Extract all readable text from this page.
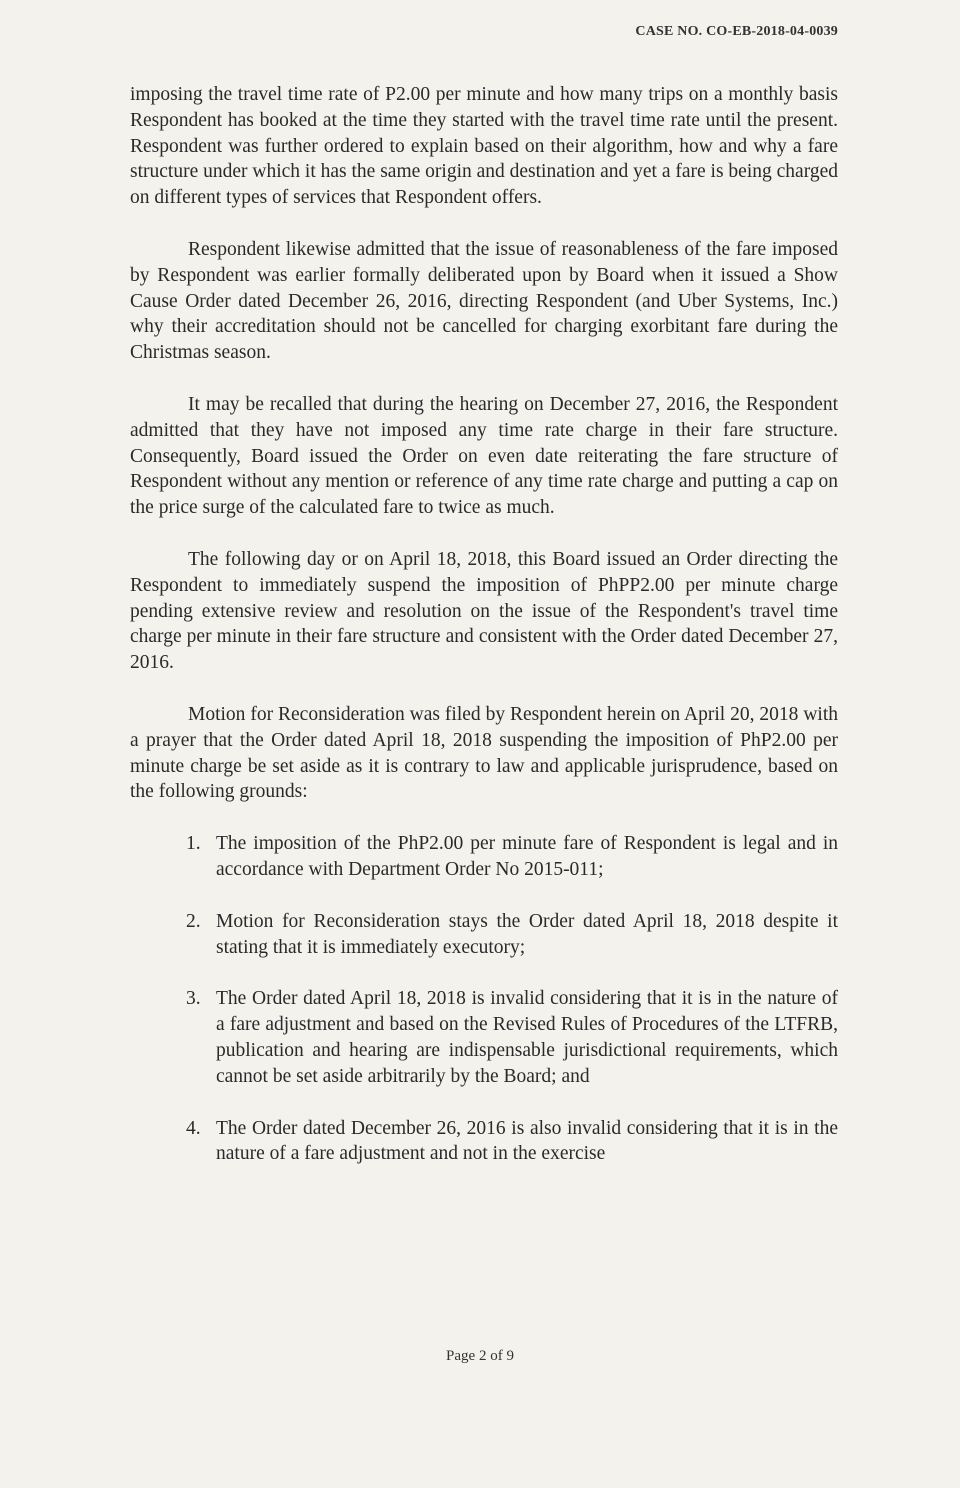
CASE NO. CO-EB-2018-04-0039

imposing the travel time rate of P2.00 per minute and how many trips on a monthly basis Respondent has booked at the time they started with the travel time rate until the present. Respondent was further ordered to explain based on their algorithm, how and why a fare structure under which it has the same origin and destination and yet a fare is being charged on different types of services that Respondent offers.

Respondent likewise admitted that the issue of reasonableness of the fare imposed by Respondent was earlier formally deliberated upon by Board when it issued a Show Cause Order dated December 26, 2016, directing Respondent (and Uber Systems, Inc.) why their accreditation should not be cancelled for charging exorbitant fare during the Christmas season.

It may be recalled that during the hearing on December 27, 2016, the Respondent admitted that they have not imposed any time rate charge in their fare structure. Consequently, Board issued the Order on even date reiterating the fare structure of Respondent without any mention or reference of any time rate charge and putting a cap on the price surge of the calculated fare to twice as much.

The following day or on April 18, 2018, this Board issued an Order directing the Respondent to immediately suspend the imposition of PhPP2.00 per minute charge pending extensive review and resolution on the issue of the Respondent's travel time charge per minute in their fare structure and consistent with the Order dated December 27, 2016.

Motion for Reconsideration was filed by Respondent herein on April 20, 2018 with a prayer that the Order dated April 18, 2018 suspending the imposition of PhP2.00 per minute charge be set aside as it is contrary to law and applicable jurisprudence, based on the following grounds:

1. The imposition of the PhP2.00 per minute fare of Respondent is legal and in accordance with Department Order No 2015-011;
2. Motion for Reconsideration stays the Order dated April 18, 2018 despite it stating that it is immediately executory;
3. The Order dated April 18, 2018 is invalid considering that it is in the nature of a fare adjustment and based on the Revised Rules of Procedures of the LTFRB, publication and hearing are indispensable jurisdictional requirements, which cannot be set aside arbitrarily by the Board; and
4. The Order dated December 26, 2016 is also invalid considering that it is in the nature of a fare adjustment and not in the exercise
Page 2 of 9
